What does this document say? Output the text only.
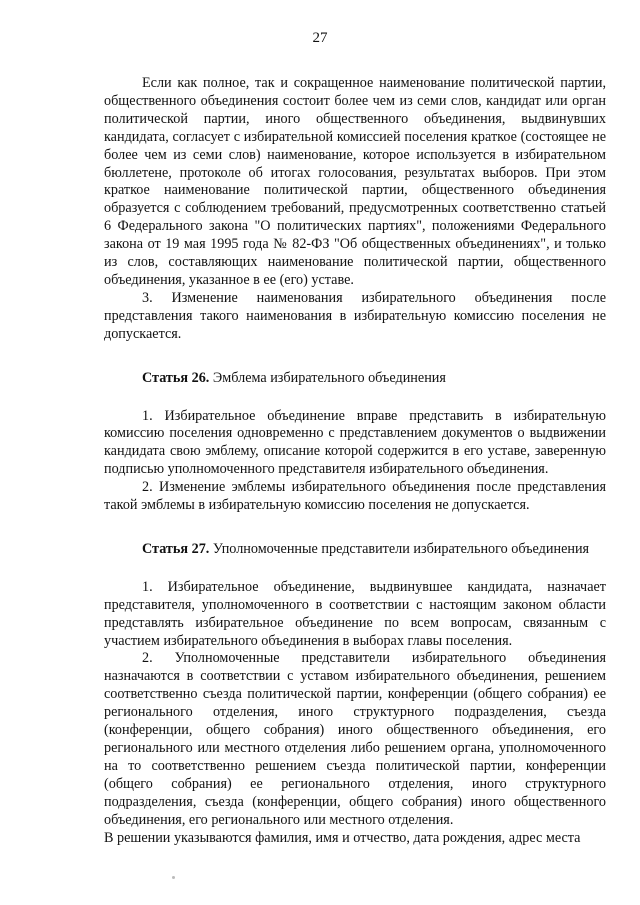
27

Если как полное, так и сокращенное наименование политической партии, общественного объединения состоит более чем из семи слов, кандидат или орган политической партии, иного общественного объединения, выдвинувших кандидата, согласует с избирательной комиссией поселения краткое (состоящее не более чем из семи слов) наименование, которое используется в избирательном бюллетене, протоколе об итогах голосования, результатах выборов. При этом краткое наименование политической партии, общественного объединения образуется с соблюдением требований, предусмотренных соответственно статьей 6 Федерального закона "О политических партиях", положениями Федерального закона от 19 мая 1995 года № 82-ФЗ "Об общественных объединениях", и только из слов, составляющих наименование политической партии, общественного объединения, указанное в ее (его) уставе.

3. Изменение наименования избирательного объединения после представления такого наименования в избирательную комиссию поселения не допускается.

Статья 26. Эмблема избирательного объединения

1. Избирательное объединение вправе представить в избирательную комиссию поселения одновременно с представлением документов о выдвижении кандидата свою эмблему, описание которой содержится в его уставе, заверенную подписью уполномоченного представителя избирательного объединения.

2. Изменение эмблемы избирательного объединения после представления такой эмблемы в избирательную комиссию поселения не допускается.

Статья 27. Уполномоченные представители избирательного объединения

1. Избирательное объединение, выдвинувшее кандидата, назначает представителя, уполномоченного в соответствии с настоящим законом области представлять избирательное объединение по всем вопросам, связанным с участием избирательного объединения в выборах главы поселения.

2. Уполномоченные представители избирательного объединения назначаются в соответствии с уставом избирательного объединения, решением соответственно съезда политической партии, конференции (общего собрания) ее регионального отделения, иного структурного подразделения, съезда (конференции, общего собрания) иного общественного объединения, его регионального или местного отделения либо решением органа, уполномоченного на то соответственно решением съезда политической партии, конференции (общего собрания) ее регионального отделения, иного структурного подразделения, съезда (конференции, общего собрания) иного общественного объединения, его регионального или местного отделения.

В решении указываются фамилия, имя и отчество, дата рождения, адрес места
